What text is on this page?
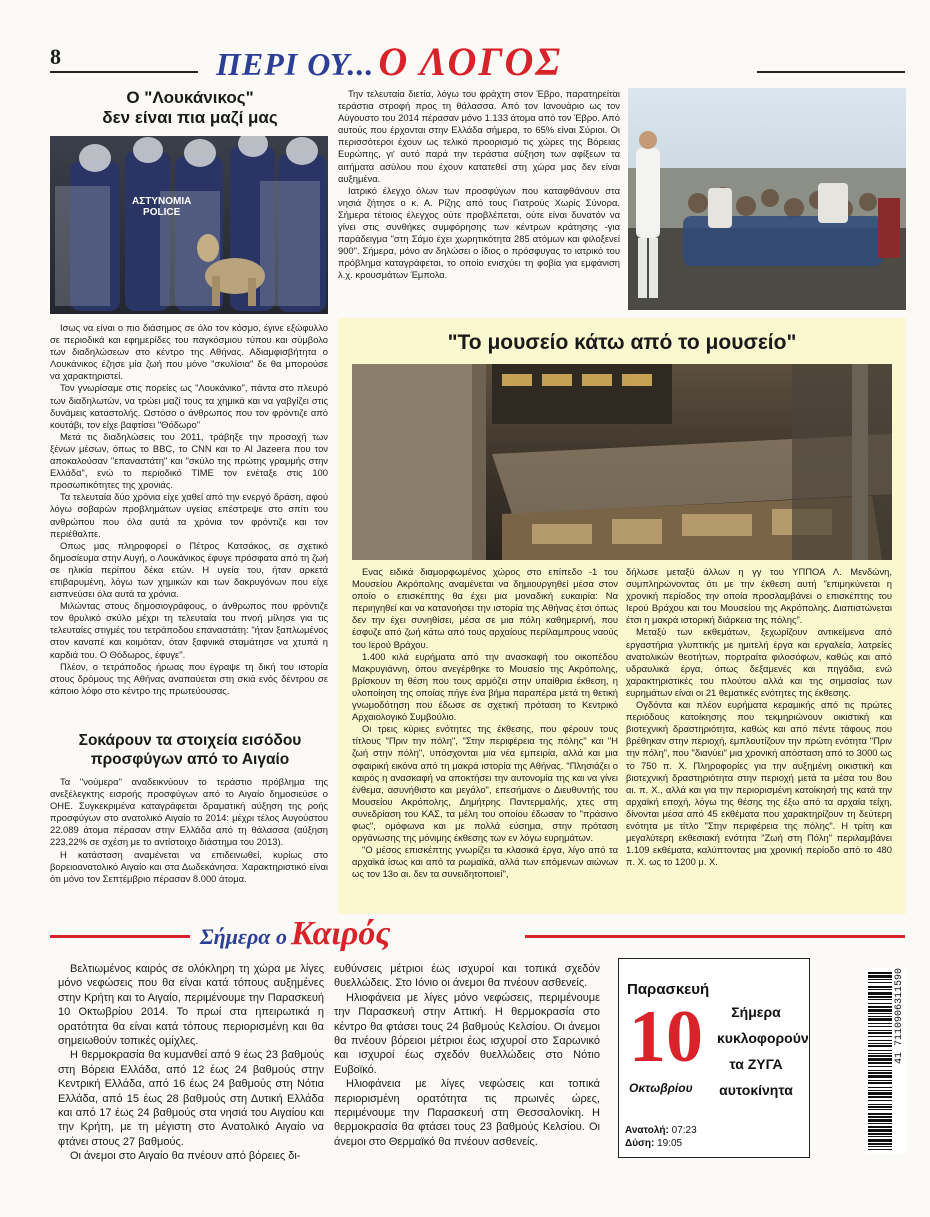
8	ΠΕΡΙ ΟΥ... Ο ΛΟΓΟΣ
Ο "Λουκάνικος"
δεν είναι πια μαζί μας
ΑΣΤΥΝΟΜΙΑ
POLICE

Ισως να είναι ο πιο διάσημος σε όλο τον κόσμο, έγινε εξώφυλλο σε περιοδικά και εφημερίδες του παγκόσμιου τύπου και σύμβολο των διαδηλώσεων στο κέντρο της Αθήνας. Αδιαμφισβήτητα ο Λουκάνικος έζησε μία ζωή που μόνο "σκυλίσια" δε θα μπορούσε να χαρακτηριστεί.

Τον γνωρίσαμε στις πορείες ως "Λουκάνικο", πάντα στο πλευρό των διαδηλωτών, να τρώει μαζί τους τα χημικά και να γαβγίζει στις δυνάμεις καταστολής. Ωστόσο ο άνθρωπος που τον φρόντιζε από κουτάβι, τον είχε βαφτίσει "Θόδωρο"

Μετά τις διαδηλώσεις του 2011, τράβηξε την προσοχή των ξένων μέσων, όπως το BBC, το CNN και το Al Jazeera που τον αποκαλούσαν "επαναστάτη" και "σκύλο της πρώτης γραμμής στην Ελλάδα", ενώ το περιοδικό TIME τον ενέταξε στις 100 προσωπικότητες της χρονιάς.

Τα τελευταία δύο χρόνια είχε χαθεί από την ενεργό δράση, αφού λόγω σοβαρών προβλημάτων υγείας επέστρεψε στο σπίτι του ανθρώπου που όλα αυτά τα χρόνια τον φρόντιζε και τον περιέθαλπε.

Οπως μας πληροφορεί ο Πέτρος Κατσάκος, σε σχετικό δημοσίευμα στην Αυγή, ο Λουκάνικος έφυγε πρόσφατα από τη ζωή σε ηλικία περίπου δέκα ετών. Η υγεία του, ήταν αρκετά επιβαρυμένη, λόγω των χημικών και των δακρυγόνων που είχε εισπνεύσει όλα αυτά τα χρόνια.

Μιλώντας στους δημοσιογράφους, ο άνθρωπος που φρόντιζε τον θρυλικό σκύλο μέχρι τη τελευταία του πνοή μίλησε για τις τελευταίες στιγμές του τετράποδου επαναστάτη: "ήταν ξαπλωμένος στον καναπέ και κοιμόταν, όταν ξαφνικά σταμάτησε να χτυπά η καρδιά του. Ο Θόδωρος, έφυγε".

Πλέον, ο τετράποδος ήρωας που έγραψε τη δική του ιστορία στους δρόμους της Αθήνας αναπαύεται στη σκιά ενός δέντρου σε κάποιο λόφο στο κέντρο της πρωτεύουσας.

Σοκάρουν τα στοιχεία εισόδου
προσφύγων από το Αιγαίο

Τα "νούμερα" αναδεικνύουν το τεράστιο πρόβλημα της ανεξέλεγκτης εισροής προσφύγων από το Αιγαίο δημοσιεύσε ο ΟΗΕ. Συγκεκριμένα καταγράφεται δραματική αύξηση της ροής προσφύγων στο ανατολικό Αιγαίο το 2014: μέχρι τέλος Αυγούστου 22.089 άτομα πέρασαν στην Ελλάδα από τη θάλασσα (αύξηση 223,22% σε σχέση με το αντίστοιχο διάστημα του 2013).

Η κατάσταση αναμένεται να επιδεινωθεί, κυρίως στο βορειοανατολικό Αιγαίο και στα Δωδεκάνησα. Χαρακτηριστικό είναι ότι μόνο τον Σεπτέμβριο πέρασαν 8.000 άτομα.

Την τελευταία διετία, λόγω του φράχτη στον Έβρο, παρατηρείται τεράστια στροφή προς τη θάλασσα. Από τον Ιανουάριο ως τον Αύγουστο του 2014 πέρασαν μόνο 1.133 άτομα από τον Έβρο. Από αυτούς που έρχονται στην Ελλάδα σήμερα, το 65% είναι Σύριοι. Οι περισσότεροι έχουν ως τελικό προορισμό τις χώρες της Βόρειας Ευρώπης, γι' αυτό παρά την τεράστια αύξηση των αφίξεων τα αιτήματα ασύλου που έχουν κατατεθεί στη χώρα μας δεν είναι αυξημένα.

Ιατρικό έλεγχο όλων των προσφύγων που καταφθάνουν στα νησιά ζήτησε ο κ. Α. Ρίζης από τους Γιατρούς Χωρίς Σύνορα. Σήμερα τέτοιος έλεγχος ούτε προβλέπεται, ούτε είναι δυνατόν να γίνει στις συνθήκες συμφόρησης των κέντρων κράτησης -για παράδειγμα "στη Σάμο έχει χωρητικότητα 285 ατόμων και φιλοξενεί 900". Σήμερα, μόνο αν δηλώσει ο ίδιος ο πρόσφυγας το ιατρικό του πρόβλημα καταγράφεται, το οποίο ενισχύει τη φοβία για εμφάνιση λ.χ. κρουσμάτων Έμπολα.

"Το μουσείο κάτω από το μουσείο"

Ενας ειδικά διαμορφωμένος χώρος στο επίπεδο -1 του Μουσείου Ακρόπολης αναμένεται να δημιουργηθεί μέσα στον οποίο ο επισκέπτης θα έχει μια μοναδική ευκαιρία: Να περιηγηθεί και να κατανοήσει την ιστορία της Αθήνας έτσι όπως δεν την έχει συνηθίσει, μέσα σε μια πόλη καθημερινή, που έσφυζε από ζωή κάτω από τους αρχαίους περίλαμπρους ναούς του Ιερού Βράχου.

1.400 κιλά ευρήματα από την ανασκαφή του οικοπέδου Μακρυγιάννη, όπου ανεγέρθηκε το Μουσείο της Ακρόπολης, βρίσκουν τη θέση που τους αρμόζει στην υπαίθρια έκθεση, η υλοποίηση της οποίας πήγε ένα βήμα παραπέρα μετά τη θετική γνωμοδότηση που έδωσε σε σχετική πρόταση το Κεντρικό Αρχαιολογικό Συμβούλιο.

Οι τρεις κύριες ενότητες της έκθεσης, που φέρουν τους τίτλους "Πριν την πόλη", "Στην περιφέρεια της πόλης" και "Η ζωή στην πόλη", υπόσχονται μια νέα εμπειρία, αλλά και μια σφαιρική εικόνα από τη μακρά ιστορία της Αθήνας. "Πλησιάζει ο καιρός η ανασκαφή να αποκτήσει την αυτονομία της και να γίνει ένθεμα, ασυνήθιστο και μεγάλο", επεσήμανε ο Διευθυντής του Μουσείου Ακρόπολης, Δημήτρης Παντερμαλής, χτες στη συνεδρίαση του ΚΑΣ, τα μέλη του οποίου έδωσαν το "πράσινο φως", ομόφωνα και με πολλά εύσημα, στην πρόταση οργάνωσης της μόνιμης έκθεσης των εν λόγω ευρημάτων.

"Ο μέσος επισκέπτης γνωρίζει τα κλασικά έργα, λίγο από τα αρχαϊκά ίσως και από τα ρωμαϊκά, αλλά των επόμενων αιώνων ως τον 13ο αι. δεν τα συνειδητοποιεί",

δήλωσε μεταξύ άλλων η γγ του ΥΠΠΟΑ Λ. Μενδώνη, συμπληρώνοντας ότι με την έκθεση αυτή "επιμηκύνεται η χρονική περίοδος την οποία προσλαμβάνει ο επισκέπτης του Ιερού Βράχου και του Μουσείου της Ακρόπολης. Διαπιστώνεται έτσι η μακρά ιστορική διάρκεια της πόλης".

Μεταξύ των εκθεμάτων, ξεχωρίζουν αντικείμενα από εργαστήρια γλυπτικής με ημιτελή έργα και εργαλεία, λατρείες ανατολικών θεοτήτων, πορτραίτα φιλοσόφων, καθώς και από υδραυλικά έργα, όπως δεξαμενές και πηγάδια, ενώ χαρακτηριστικές του πλούτου αλλά και της σημασίας των ευρημάτων είναι οι 21 θεματικές ενότητες της έκθεσης.

Ογδόντα και πλέον ευρήματα κεραμικής από τις πρώτες περιόδους κατοίκησης που τεκμηριώνουν οικιστική και βιοτεχνική δραστηριότητα, καθώς και από πέντε τάφους που βρέθηκαν στην περιοχή, εμπλουτίζουν την πρώτη ενότητα "Πριν την πόλη", που "διανύει" μια χρονική απόσταση από το 3000 ως το 750 π. Χ. Πληροφορίες για την αυξημένη οικιστική και βιοτεχνική δραστηριότητα στην περιοχή μετά τα μέσα του 8ου αι. π. Χ., αλλά και για την περιορισμένη κατοίκησή της κατά την αρχαϊκή εποχή, λόγω της θέσης της έξω από τα αρχαία τείχη, δίνονται μέσα από 45 εκθέματα που χαρακτηρίζουν τη δεύτερη ενότητα με τίτλο "Στην περιφέρεια της πόλης". Η τρίτη και μεγαλύτερη εκθεσιακή ενότητα "Ζωή στη Πόλη" περιλαμβάνει 1.109 εκθέματα, καλύπτοντας μια χρονική περίοδο από το 480 π. Χ. ως το 1200 μ. Χ.

Σήμερα ο Καιρός

Βελτιωμένος καιρός σε ολόκληρη τη χώρα με λίγες μόνο νεφώσεις που θα είναι κατά τόπους αυξημένες στην Κρήτη και το Αιγαίο, περιμένουμε την Παρασκευή 10 Οκτωβρίου 2014. Το πρωί στα ηπειρωτικά η ορατότητα θα είναι κατά τόπους περιορισμένη και θα σημειωθούν τοπικές ομίχλες.

Η θερμοκρασία θα κυμανθεί από 9 έως 23 βαθμούς στη Βόρεια Ελλάδα, από 12 έως 24 βαθμούς στην Κεντρική Ελλάδα, από 16 έως 24 βαθμούς στη Νότια Ελλάδα, από 15 έως 28 βαθμούς στη Δυτική Ελλάδα και από 17 έως 24 βαθμούς στα νησιά του Αιγαίου και την Κρήτη, με τη μέγιστη στο Ανατολικό Αιγαίο να φτάνει στους 27 βαθμούς.

Οι άνεμοι στο Αιγαίο θα πνέουν από βόρειες δι-

ευθύνσεις μέτριοι έως ισχυροί και τοπικά σχεδόν θυελλώδεις. Στο Ιόνιο οι άνεμοι θα πνέουν ασθενείς.

Ηλιοφάνεια με λίγες μόνο νεφώσεις, περιμένουμε την Παρασκευή στην Αττική. Η θερμοκρασία στο κέντρο θα φτάσει τους 24 βαθμούς Κελσίου. Οι άνεμοι θα πνέουν βόρειοι μέτριοι έως ισχυροί στο Σαρωνικό και ισχυροί έως σχεδόν θυελλώδεις στο Νότιο Ευβοϊκό.

Ηλιοφάνεια με λίγες νεφώσεις και τοπικά περιορισμένη ορατότητα τις πρωινές ώρες, περιμένουμε την Παρασκευή στη Θεσσαλονίκη. Η θερμοκρασία θα φτάσει τους 23 βαθμούς Κελσίου. Οι άνεμοι στο Θερμαϊκό θα πνέουν ασθενείς.

Παρασκευή
10
Οκτωβρίου
Ανατολή: 07:23
Δύση: 19:05
Σήμερα
κυκλοφορούν
τα ΖΥΓΑ
αυτοκίνητα
41 7110906311590
